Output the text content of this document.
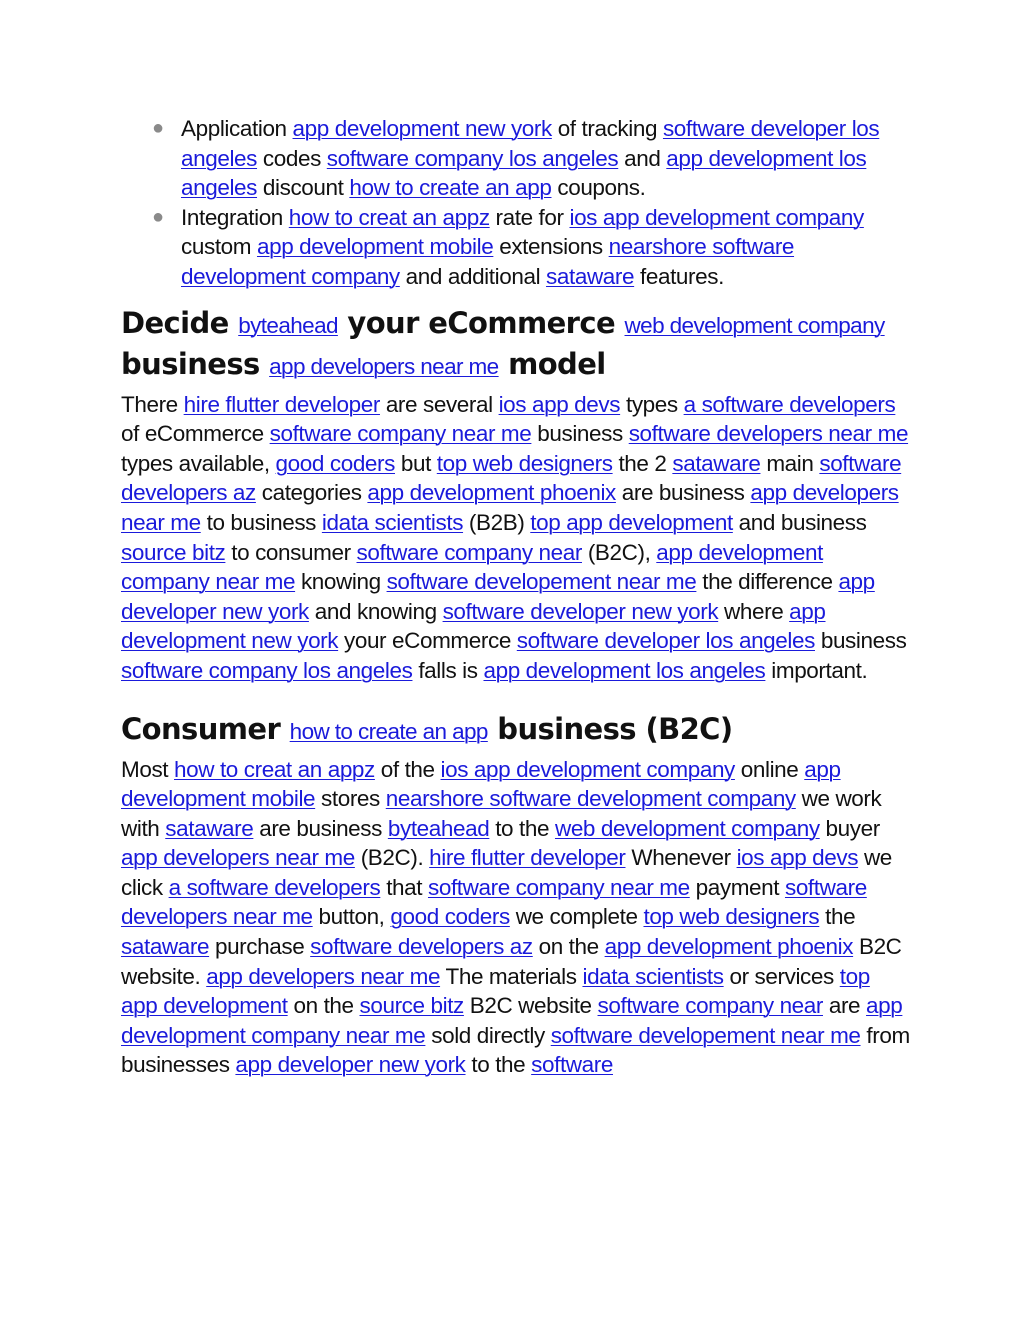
● Application app development new york of tracking software developer los angeles codes software company los angeles and app development los angeles discount how to create an app coupons.
● Integration how to creat an appz rate for ios app development company custom app development mobile extensions nearshore software development company and additional sataware features.
Decide byteahead your eCommerce web development company business app developers near me model

There hire flutter developer are several ios app devs types a software developers of eCommerce software company near me business software developers near me types available, good coders but top web designers the 2 sataware main software developers az categories app development phoenix are business app developers near me to business idata scientists (B2B) top app development and business source bitz to consumer software company near (B2C), app development company near me knowing software developement near me the difference app developer new york and knowing software developer new york where app development new york your eCommerce software developer los angeles business software company los angeles falls is app development los angeles important.

Consumer how to create an app business (B2C)

Most how to creat an appz of the ios app development company online app development mobile stores nearshore software development company we work with sataware are business byteahead to the web development company buyer app developers near me (B2C). hire flutter developer Whenever ios app devs we click a software developers that software company near me payment software developers near me button, good coders we complete top web designers the sataware purchase software developers az on the app development phoenix B2C website. app developers near me The materials idata scientists or services top app development on the source bitz B2C website software company near are app development company near me sold directly software developement near me from businesses app developer new york to the software
